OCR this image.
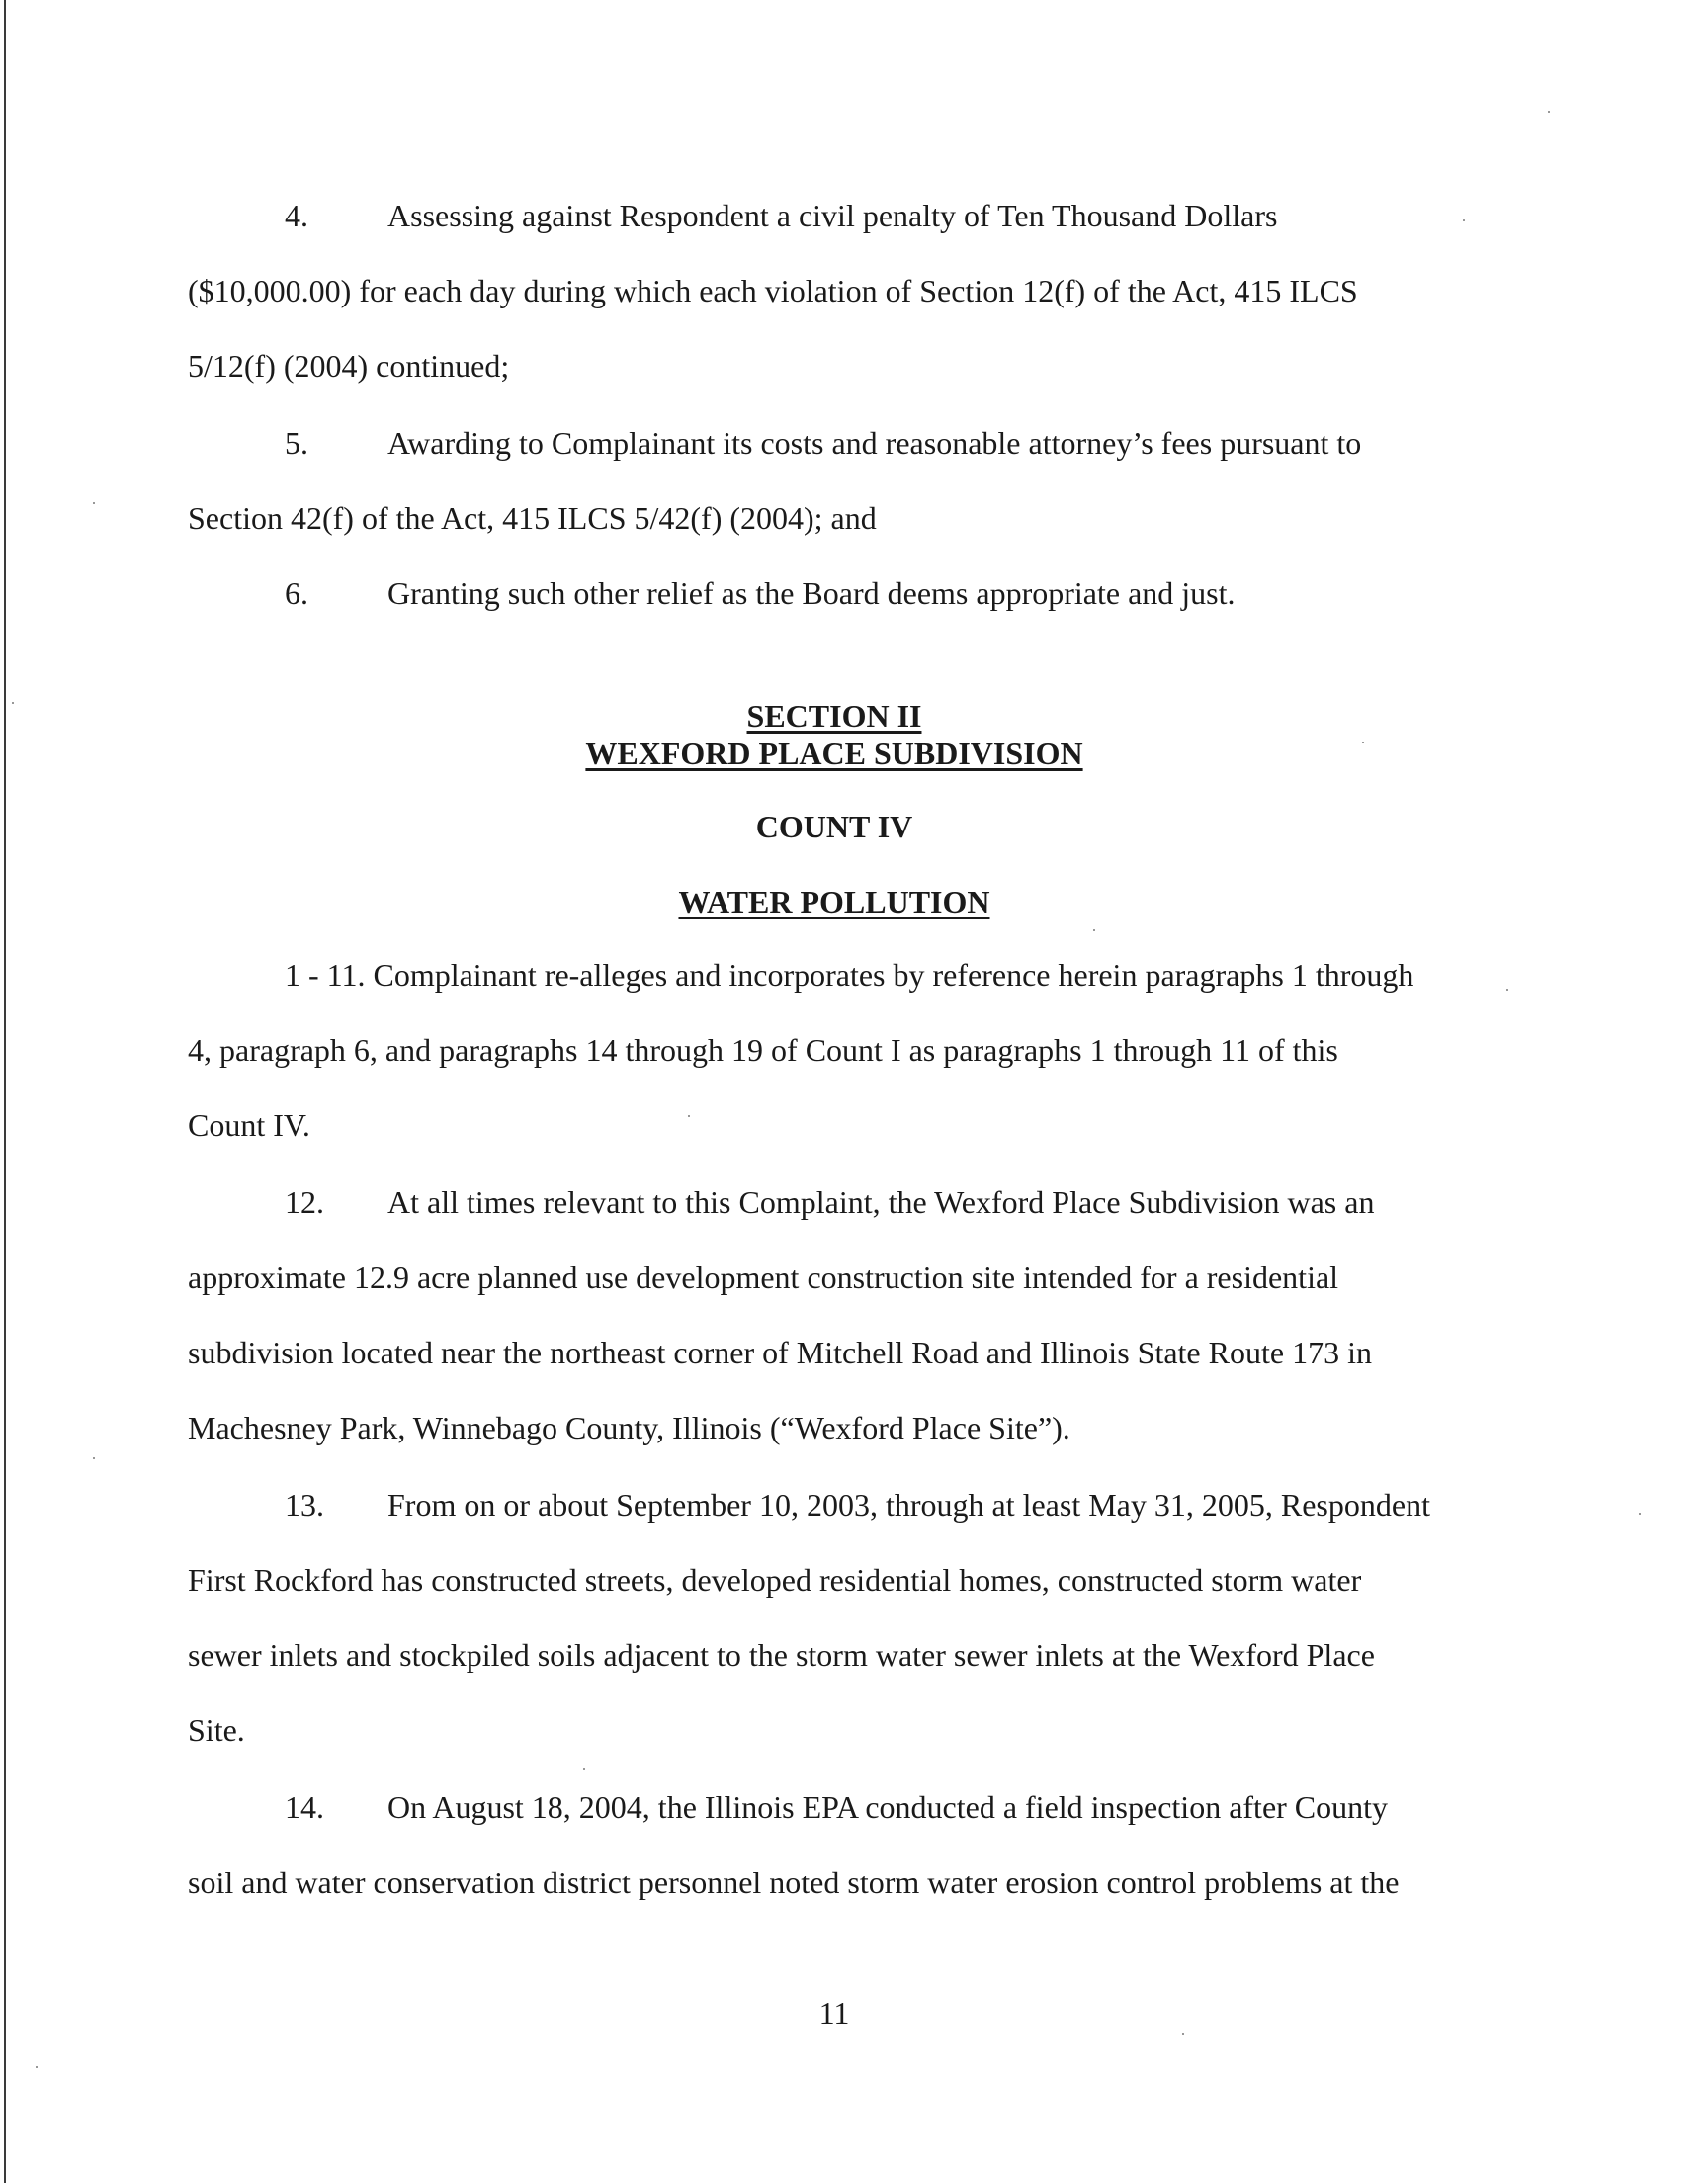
4.	Assessing against Respondent a civil penalty of Ten Thousand Dollars
($10,000.00) for each day during which each violation of Section 12(f) of the Act, 415 ILCS
5/12(f) (2004) continued;
5.	Awarding to Complainant its costs and reasonable attorney’s fees pursuant to
Section 42(f) of the Act, 415 ILCS 5/42(f) (2004); and
6.	Granting such other relief as the Board deems appropriate and just.
SECTION II
WEXFORD PLACE SUBDIVISION
COUNT IV
WATER POLLUTION
1 - 11. Complainant re-alleges and incorporates by reference herein paragraphs 1 through
4, paragraph 6, and paragraphs 14 through 19 of Count I as paragraphs 1 through 11 of this
Count IV.
12. At all times relevant to this Complaint, the Wexford Place Subdivision was an
approximate 12.9 acre planned use development construction site intended for a residential
subdivision located near the northeast corner of Mitchell Road and Illinois State Route 173 in
Machesney Park, Winnebago County, Illinois (“Wexford Place Site”).
13. From on or about September 10, 2003, through at least May 31, 2005, Respondent
First Rockford has constructed streets, developed residential homes, constructed storm water
sewer inlets and stockpiled soils adjacent to the storm water sewer inlets at the Wexford Place
Site.
14. On August 18, 2004, the Illinois EPA conducted a field inspection after County
soil and water conservation district personnel noted storm water erosion control problems at the
11
